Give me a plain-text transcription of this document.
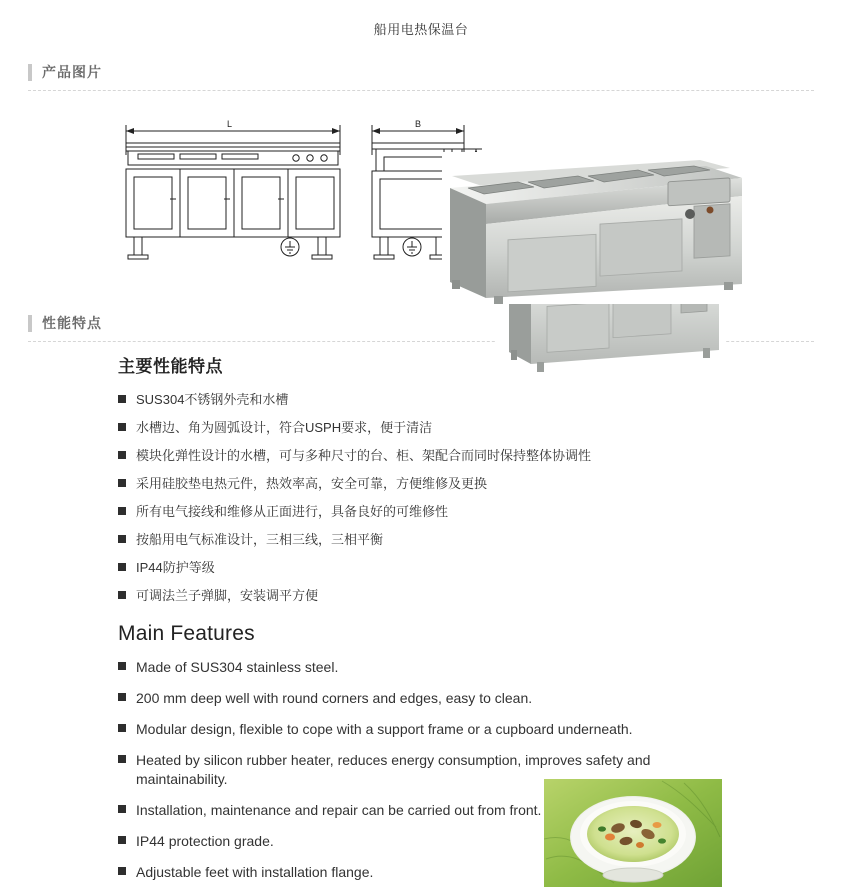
船用电热保温台
产品图片
L	B
性能特点
主要性能特点
SUS304不锈钢外壳和水槽
水槽边、角为圆弧设计，符合USPH要求，便于清洁
模块化弹性设计的水槽，可与多种尺寸的台、柜、架配合而同时保持整体协调性
采用硅胶垫电热元件，热效率高，安全可靠，方便维修及更换
所有电气接线和维修从正面进行，具备良好的可维修性
按船用电气标准设计，三相三线，三相平衡
IP44防护等级
可调法兰子弹脚，安装调平方便
Main Features
Made of SUS304 stainless steel.
200 mm deep well with round corners and edges, easy to clean.
Modular design, flexible to cope with a support frame or a cupboard underneath.
Heated by silicon rubber heater, reduces energy consumption, improves safety and maintainability.
Installation, maintenance and repair can be carried out from front.
IP44 protection grade.
Adjustable feet with installation flange.
